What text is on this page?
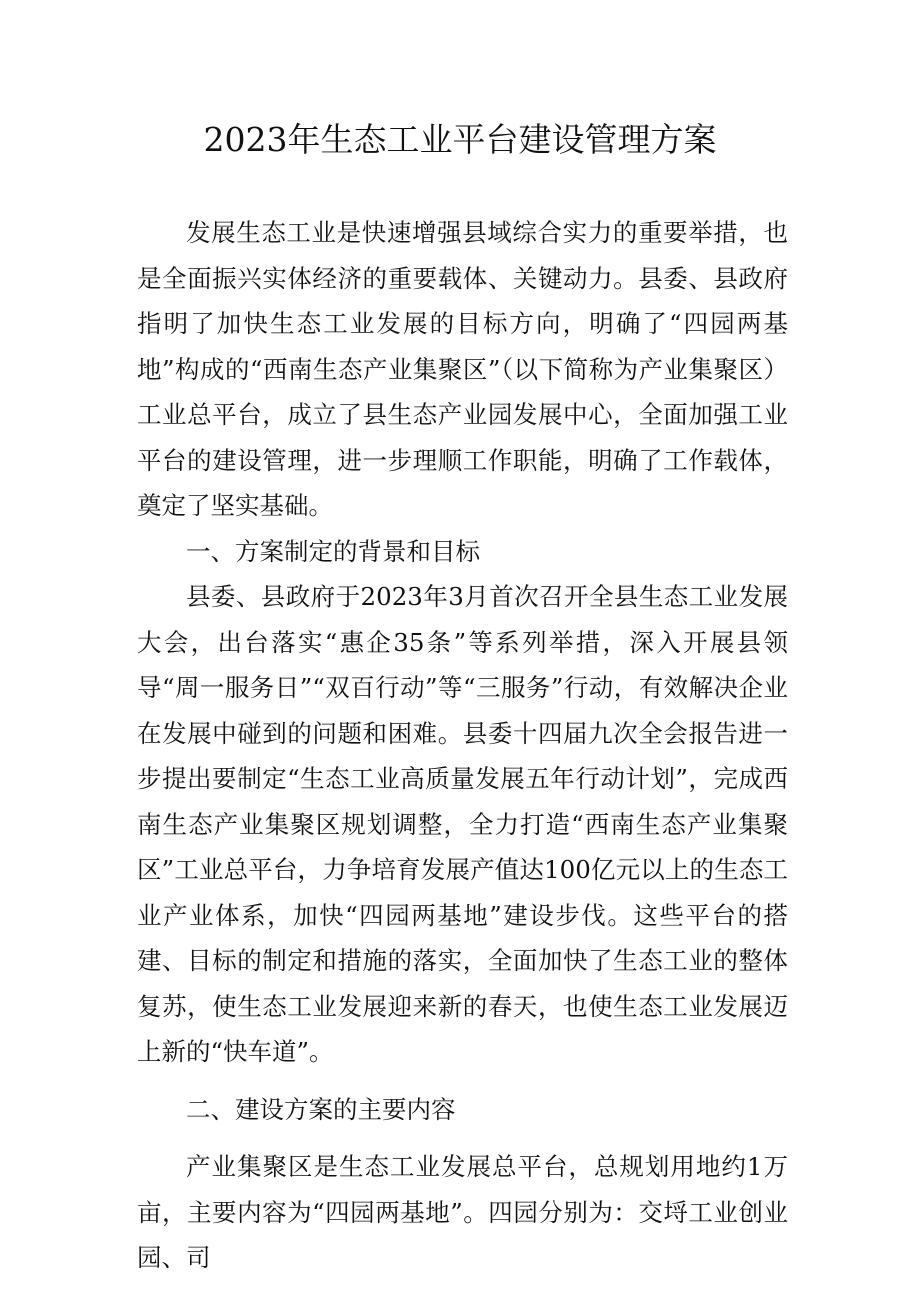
2023年生态工业平台建设管理方案

发展生态工业是快速增强县域综合实力的重要举措，也是全面振兴实体经济的重要载体、关键动力。县委、县政府指明了加快生态工业发展的目标方向，明确了“四园两基地”构成的“西南生态产业集聚区”（以下简称为产业集聚区）工业总平台，成立了县生态产业园发展中心，全面加强工业平台的建设管理，进一步理顺工作职能，明确了工作载体，奠定了坚实基础。

一、方案制定的背景和目标

县委、县政府于2023年3月首次召开全县生态工业发展大会，出台落实“惠企35条”等系列举措，深入开展县领导“周一服务日”“双百行动”等“三服务”行动，有效解决企业在发展中碰到的问题和困难。县委十四届九次全会报告进一步提出要制定“生态工业高质量发展五年行动计划”，完成西南生态产业集聚区规划调整，全力打造“西南生态产业集聚区”工业总平台，力争培育发展产值达100亿元以上的生态工业产业体系，加快“四园两基地”建设步伐。这些平台的搭建、目标的制定和措施的落实，全面加快了生态工业的整体复苏，使生态工业发展迎来新的春天，也使生态工业发展迈上新的“快车道”。

二、建设方案的主要内容

产业集聚区是生态工业发展总平台，总规划用地约1万亩，主要内容为“四园两基地”。四园分别为：交埒工业创业园、司
